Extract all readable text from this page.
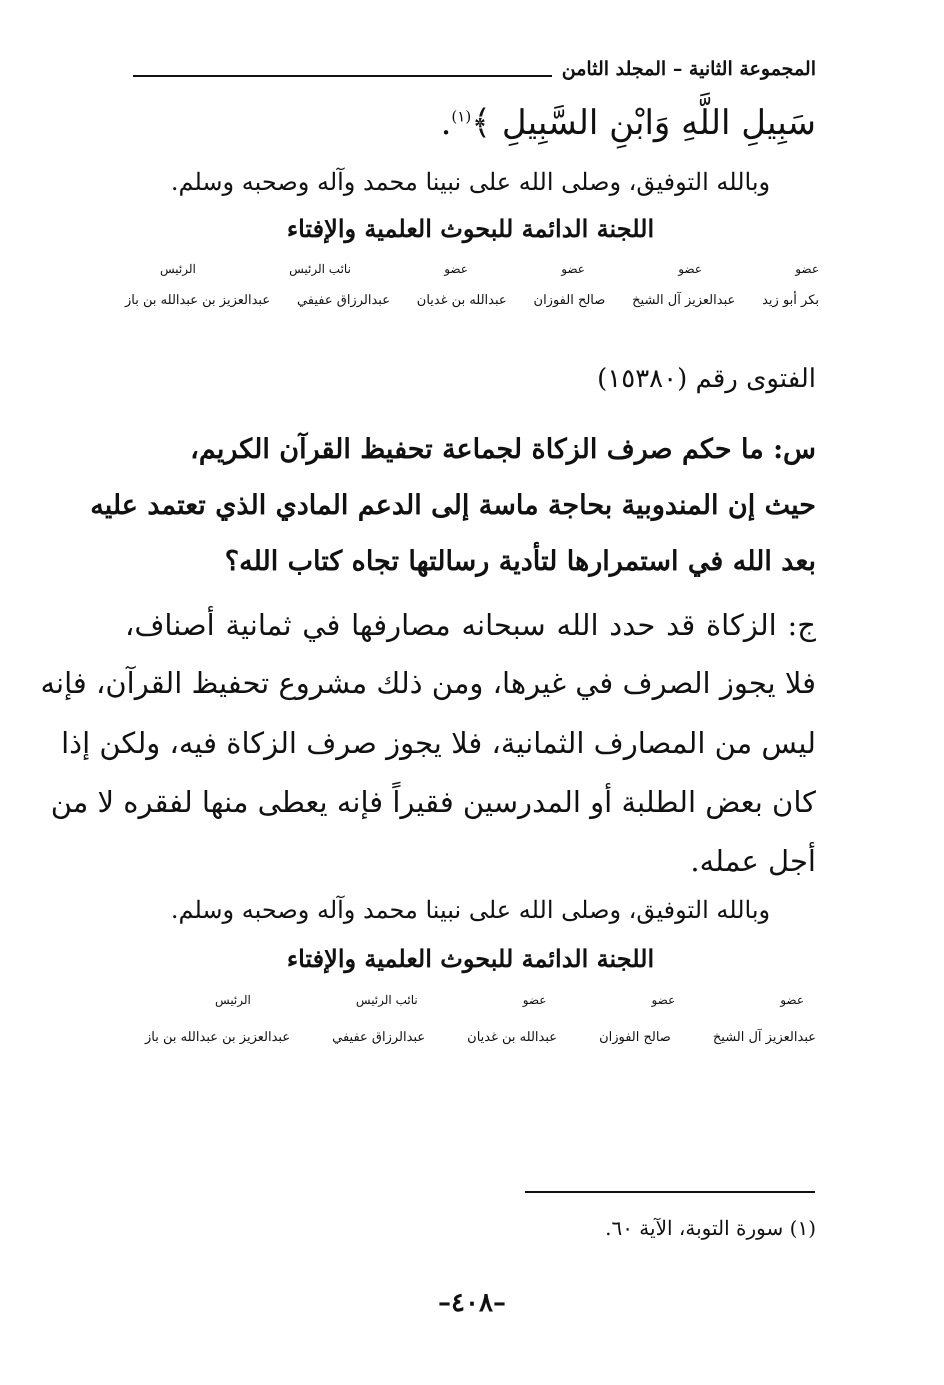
المجموعة الثانية – المجلد الثامن
سَبِيلِ اللَّهِ وَابْنِ السَّبِيلِ ﴾$^{(١)}$.
وبالله التوفيق، وصلى الله على نبينا محمد وآله وصحبه وسلم.
اللجنة الدائمة للبحوث العلمية والإفتاء
عضو
عضو
عضو
عضو
نائب الرئيس
الرئيس
بكر أبو زيد
عبدالعزيز آل الشيخ
صالح الفوزان
عبدالله بن غديان
عبدالرزاق عفيفي
عبدالعزيز بن عبدالله بن باز
الفتوى رقم (١٥٣٨٠)
س: ما حكم صرف الزكاة لجماعة تحفيظ القرآن الكريم،
حيث إن المندوبية بحاجة ماسة إلى الدعم المادي الذي تعتمد عليه
بعد الله في استمرارها لتأدية رسالتها تجاه كتاب الله؟
ج: الزكاة قد حدد الله سبحانه مصارفها في ثمانية أصناف،
فلا يجوز الصرف في غيرها، ومن ذلك مشروع تحفيظ القرآن، فإنه
ليس من المصارف الثمانية، فلا يجوز صرف الزكاة فيه، ولكن إذا
كان بعض الطلبة أو المدرسين فقيراً فإنه يعطى منها لفقره لا من
أجل عمله.
وبالله التوفيق، وصلى الله على نبينا محمد وآله وصحبه وسلم.
اللجنة الدائمة للبحوث العلمية والإفتاء
عضو
عضو
عضو
نائب الرئيس
الرئيس
عبدالعزيز آل الشيخ
صالح الفوزان
عبدالله بن غديان
عبدالرزاق عفيفي
عبدالعزيز بن عبدالله بن باز
(١) سورة التوبة، الآية ٦٠.
–٤٠٨–
